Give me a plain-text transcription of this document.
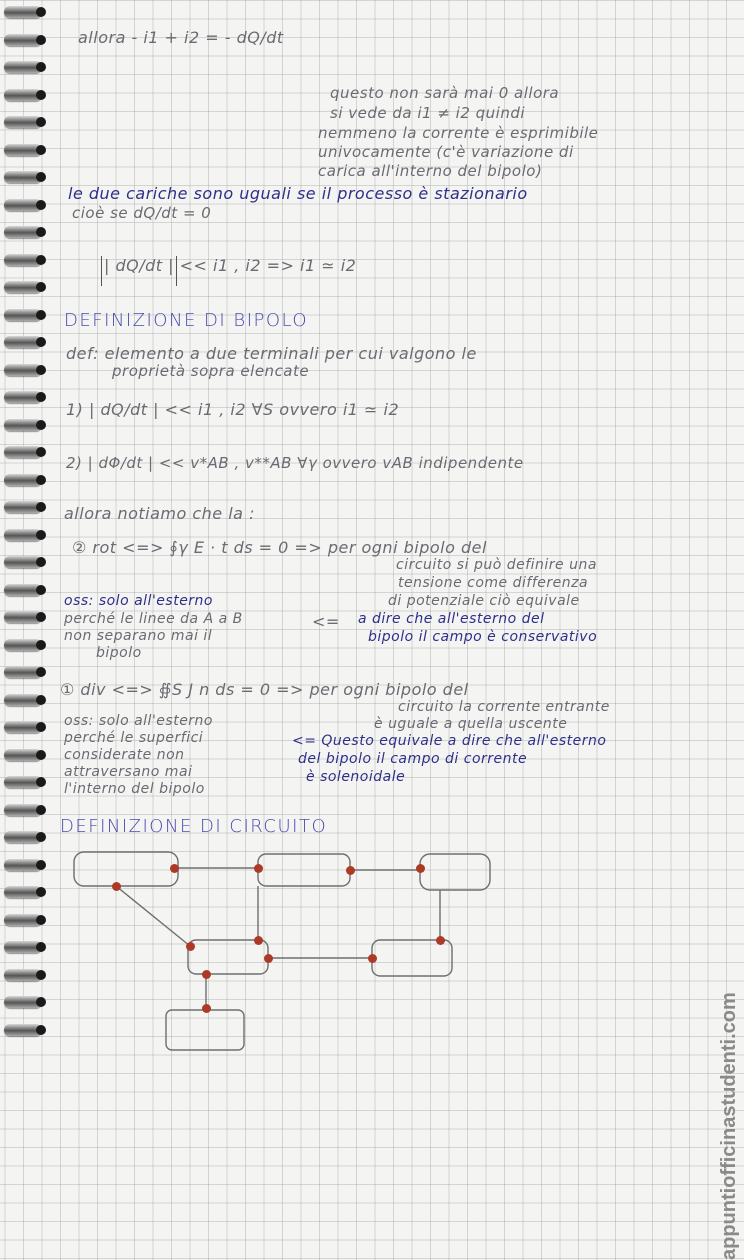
allora - i1 + i2 = - dQ/dt
questo non sarà mai 0 allora
si vede da i1 ≠ i2 quindi
nemmeno la corrente è esprimibile
univocamente (c'è variazione di
carica all'interno del bipolo)
le due cariche sono uguali se il processo è stazionario
cioè se dQ/dt = 0
| dQ/dt | << i1 , i2 => i1 ≃ i2
DEFINIZIONE DI BIPOLO
def: elemento a due terminali per cui valgono le
proprietà sopra elencate
1) | dQ/dt | << i1 , i2 ∀S ovvero i1 ≃ i2
2) | dΦ/dt | << v*AB , v**AB ∀γ ovvero vAB indipendente
allora notiamo che la :
② rot <=> ∮γ E · t ds = 0 => per ogni bipolo del
circuito si può definire una
tensione come differenza
di potenziale ciò equivale
oss: solo all'esterno
perché le linee da A a B
non separano mai il
bipolo
<= a dire che all'esterno del
bipolo il campo è conservativo
① div <=> ∯S J n ds = 0 => per ogni bipolo del
circuito la corrente entrante
è uguale a quella uscente
oss: solo all'esterno
perché le superfici
considerate non
attraversano mai
l'interno del bipolo
<= Questo equivale a dire che all'esterno
del bipolo il campo di corrente
è solenoidale
DEFINIZIONE DI CIRCUITO
appuntiofficinastudenti.com
